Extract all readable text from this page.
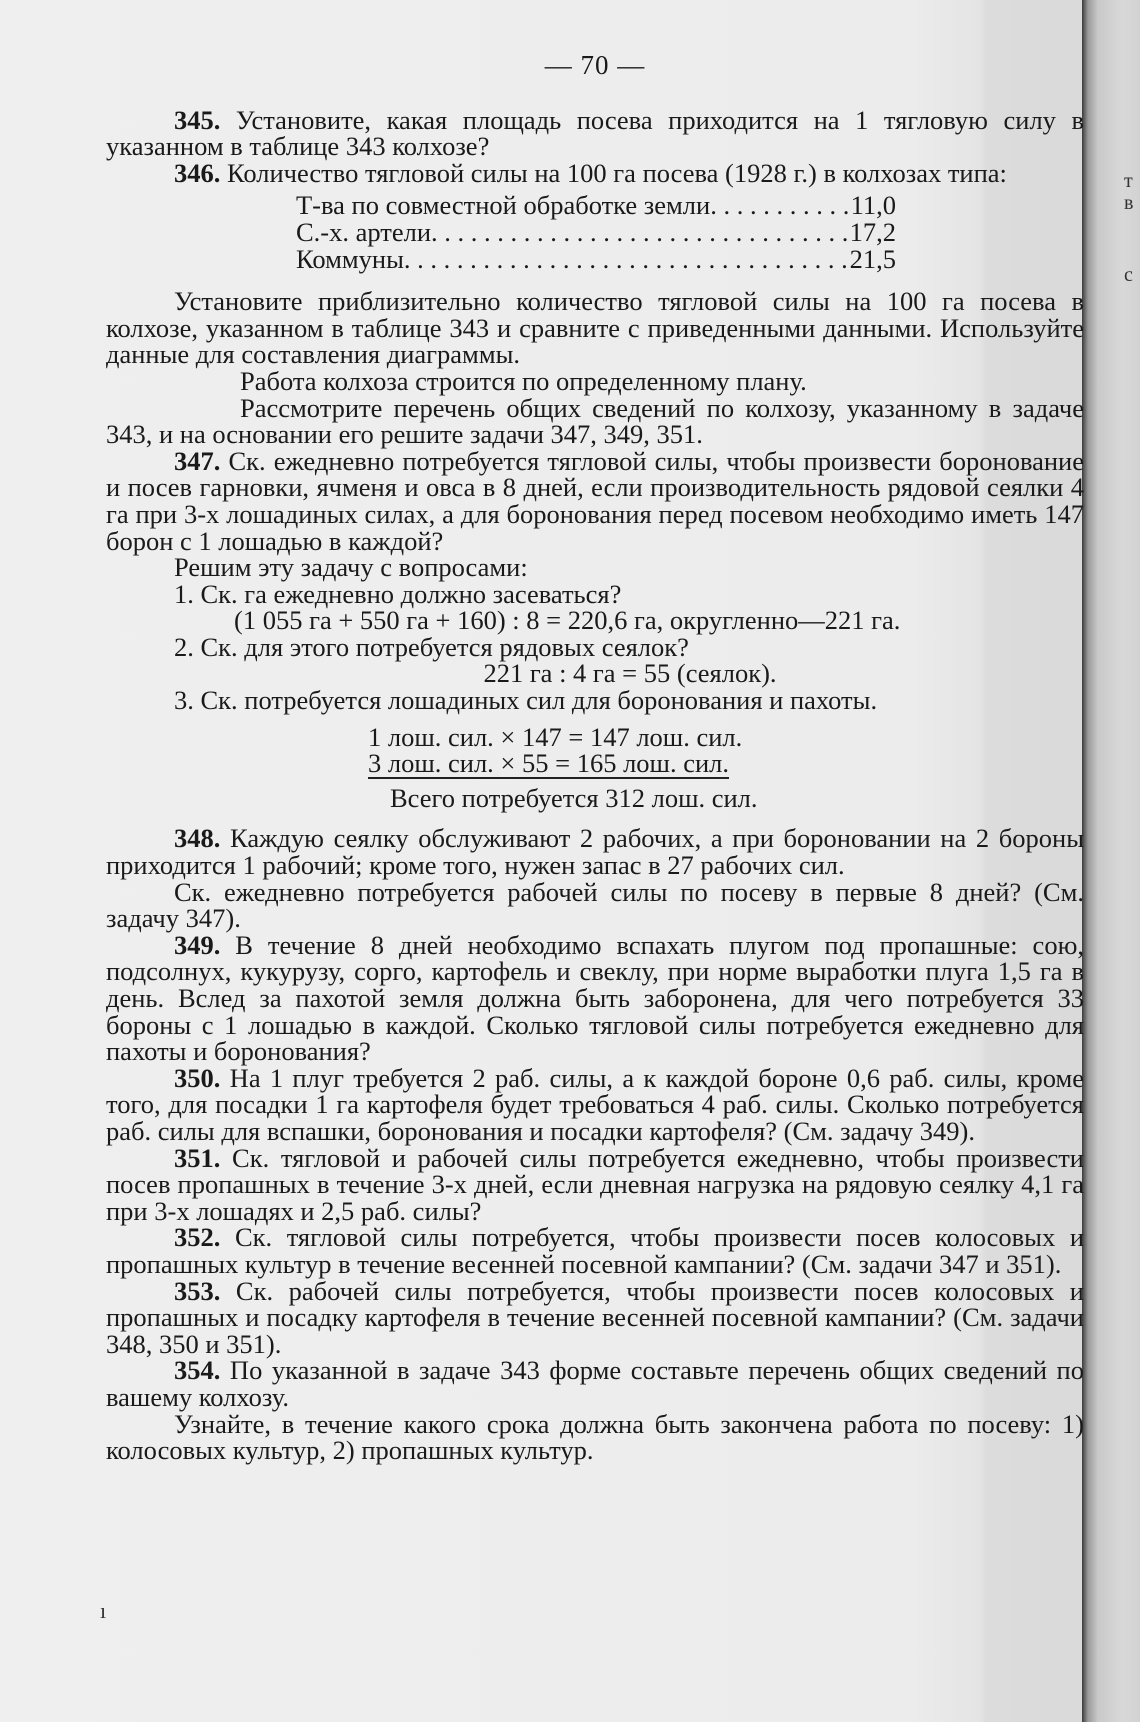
т
в
с
— 70 —

345. Установите, какая площадь посева приходится на 1 тягловую силу в указанном в таблице 343 колхозе?

346. Количество тягловой силы на 100 га посева (1928 г.) в колхозах типа:

Т-ва по совместной обработке земли . . .	11,0
С.-х. артели . . .	17,2
Коммуны . . .	21,5

Установите приблизительно количество тягловой силы на 100 га посева в колхозе, указанном в таблице 343 и сравните с приведенными данными. Используйте данные для составления диаграммы.

Работа колхоза строится по определенному плану.

Рассмотрите перечень общих сведений по колхозу, указанному в задаче 343, и на основании его решите задачи 347, 349, 351.

347. Ск. ежедневно потребуется тягловой силы, чтобы произвести боронование и посев гарновки, ячменя и овса в 8 дней, если производительность рядовой сеялки 4 га при 3-х лошадиных силах, а для боронования перед посевом необходимо иметь 147 борон с 1 лошадью в каждой?

Решим эту задачу с вопросами:

1. Ск. га ежедневно должно засеваться?

(1 055 га + 550 га + 160) : 8 = 220,6 га, округленно—221 га.

2. Ск. для этого потребуется рядовых сеялок?

221 га : 4 га = 55 (сеялок).

3. Ск. потребуется лошадиных сил для боронования и пахоты.

1 лош. сил. × 147 = 147 лош. сил.
3 лош. сил. × 55 = 165 лош. сил.
Всего потребуется 312 лош. сил.

348. Каждую сеялку обслуживают 2 рабочих, а при бороновании на 2 бороны приходится 1 рабочий; кроме того, нужен запас в 27 рабочих сил.

Ск. ежедневно потребуется рабочей силы по посеву в первые 8 дней? (См. задачу 347).

349. В течение 8 дней необходимо вспахать плугом под пропашные: сою, подсолнух, кукурузу, сорго, картофель и свеклу, при норме выработки плуга 1,5 га в день. Вслед за пахотой земля должна быть заборонена, для чего потребуется 33 бороны с 1 лошадью в каждой. Сколько тягловой силы потребуется ежедневно для пахоты и боронования?

350. На 1 плуг требуется 2 раб. силы, а к каждой бороне 0,6 раб. силы, кроме того, для посадки 1 га картофеля будет требоваться 4 раб. силы. Сколько потребуется раб. силы для вспашки, боронования и посадки картофеля? (См. задачу 349).

351. Ск. тягловой и рабочей силы потребуется ежедневно, чтобы произвести посев пропашных в течение 3-х дней, если дневная нагрузка на рядовую сеялку 4,1 га при 3-х лошадях и 2,5 раб. силы?

352. Ск. тягловой силы потребуется, чтобы произвести посев колосовых и пропашных культур в течение весенней посевной кампании? (См. задачи 347 и 351).

353. Ск. рабочей силы потребуется, чтобы произвести посев колосовых и пропашных и посадку картофеля в течение весенней посевной кампании? (См. задачи 348, 350 и 351).

354. По указанной в задаче 343 форме составьте перечень общих сведений по вашему колхозу.

Узнайте, в течение какого срока должна быть закончена работа по посеву: 1) колосовых культур, 2) пропашных культур.

ı
